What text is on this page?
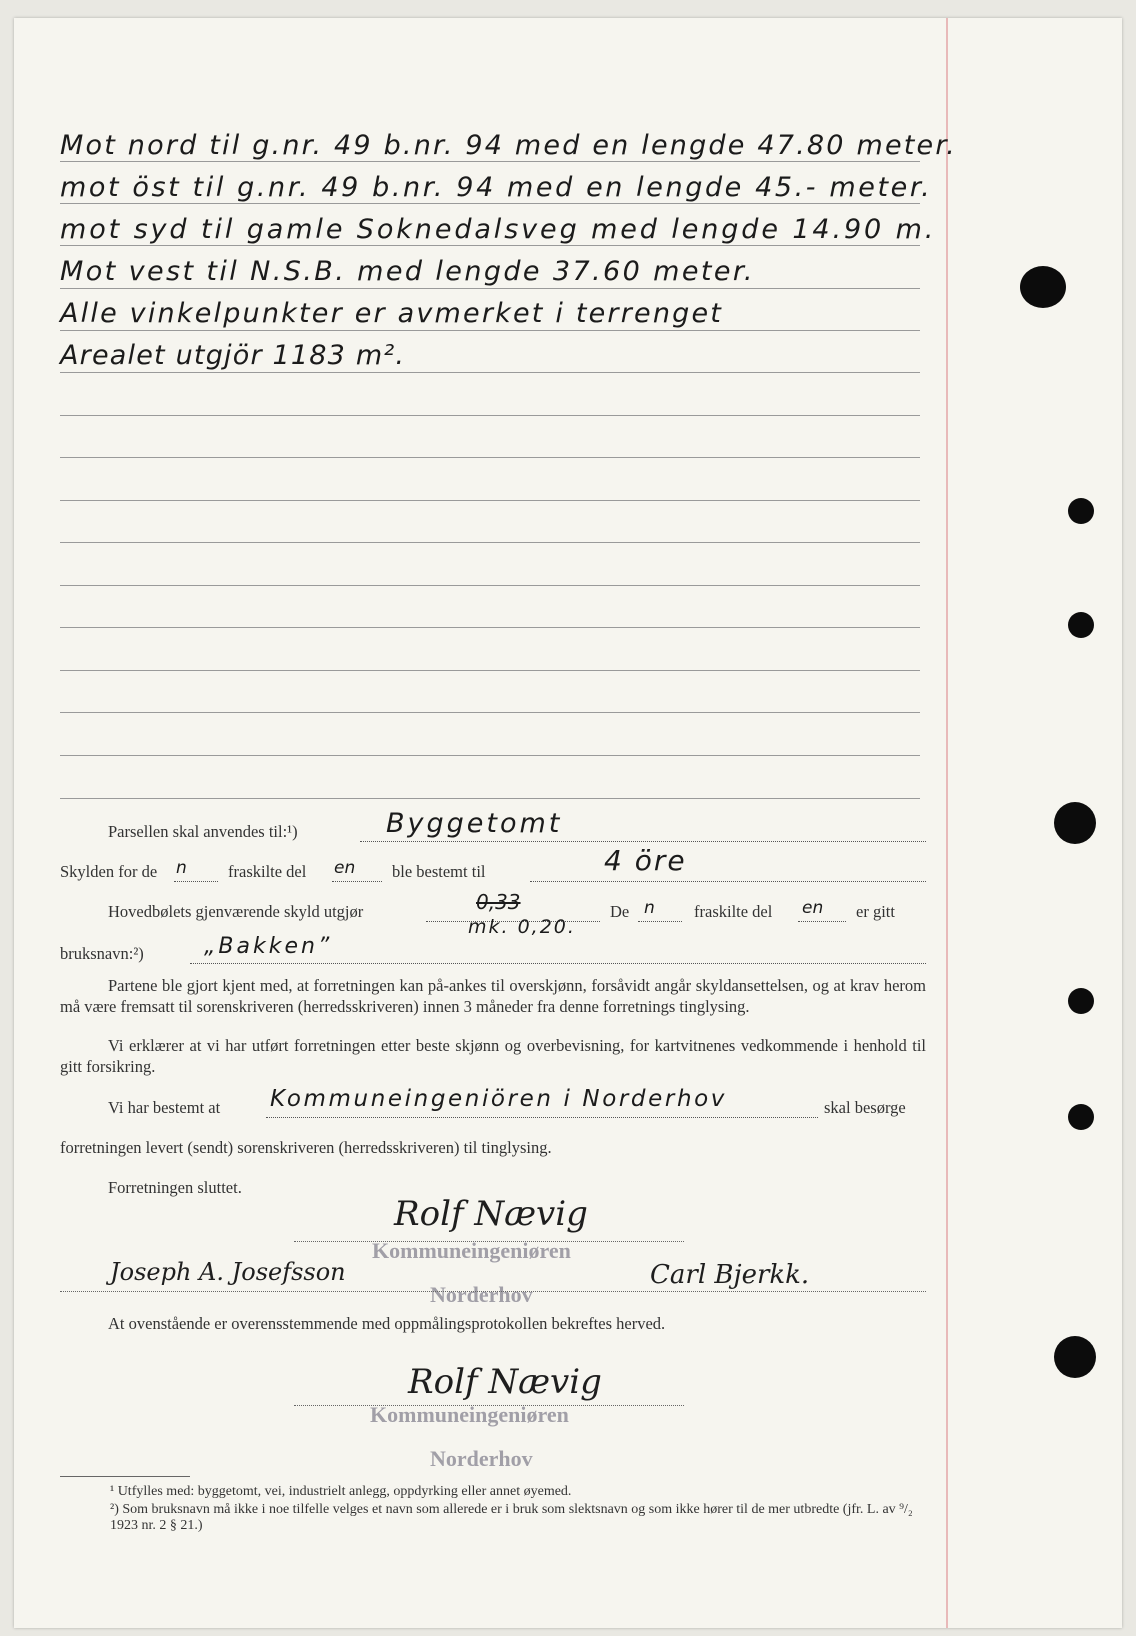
Mot nord til g.nr. 49 b.nr. 94 med en lengde 47.80 meter.
mot öst til g.nr. 49 b.nr. 94 med en lengde 45.- meter.
mot syd til gamle Soknedalsveg med lengde 14.90 m.
Mot vest til N.S.B. med lengde 37.60 meter.
Alle vinkelpunkter er avmerket i terrenget
Arealet utgjör 1183 m².
Parsellen skal anvendes til:¹)	Byggetomt
Skylden for de n fraskilte del en ble bestemt til	4 öre
Hovedbølets gjenværende skyld utgjør	0,33
mk. 0,20.
De n fraskilte del en er gitt
bruksnavn:²)	„Bakken”
Partene ble gjort kjent med, at forretningen kan på-ankes til overskjønn, forsåvidt angår skyldansettelsen, og at krav herom må være fremsatt til sorenskriveren (herredsskriveren) innen 3 måneder fra denne forretnings tinglysing.
Vi erklærer at vi har utført forretningen etter beste skjønn og overbevisning, for kartvitnenes vedkommende i henhold til gitt forsikring.
Vi har bestemt at Kommuneingeniören i Norderhov	skal besørge
forretningen levert (sendt) sorenskriveren (herredsskriveren) til tinglysing.
Forretningen sluttet.
Rolf Nævig
Kommuneingeniøren
Norderhov
Joseph A. Josefsson	Carl Bjerkk.
At ovenstående er overensstemmende med oppmålingsprotokollen bekreftes herved.
Rolf Nævig
Kommuneingeniøren
Norderhov
¹ Utfylles med: byggetomt, vei, industrielt anlegg, oppdyrking eller annet øyemed.
²) Som bruksnavn må ikke i noe tilfelle velges et navn som allerede er i bruk som slektsnavn og som ikke hører til de mer utbredte (jfr. L. av ⁹/₂ 1923 nr. 2 § 21.)
